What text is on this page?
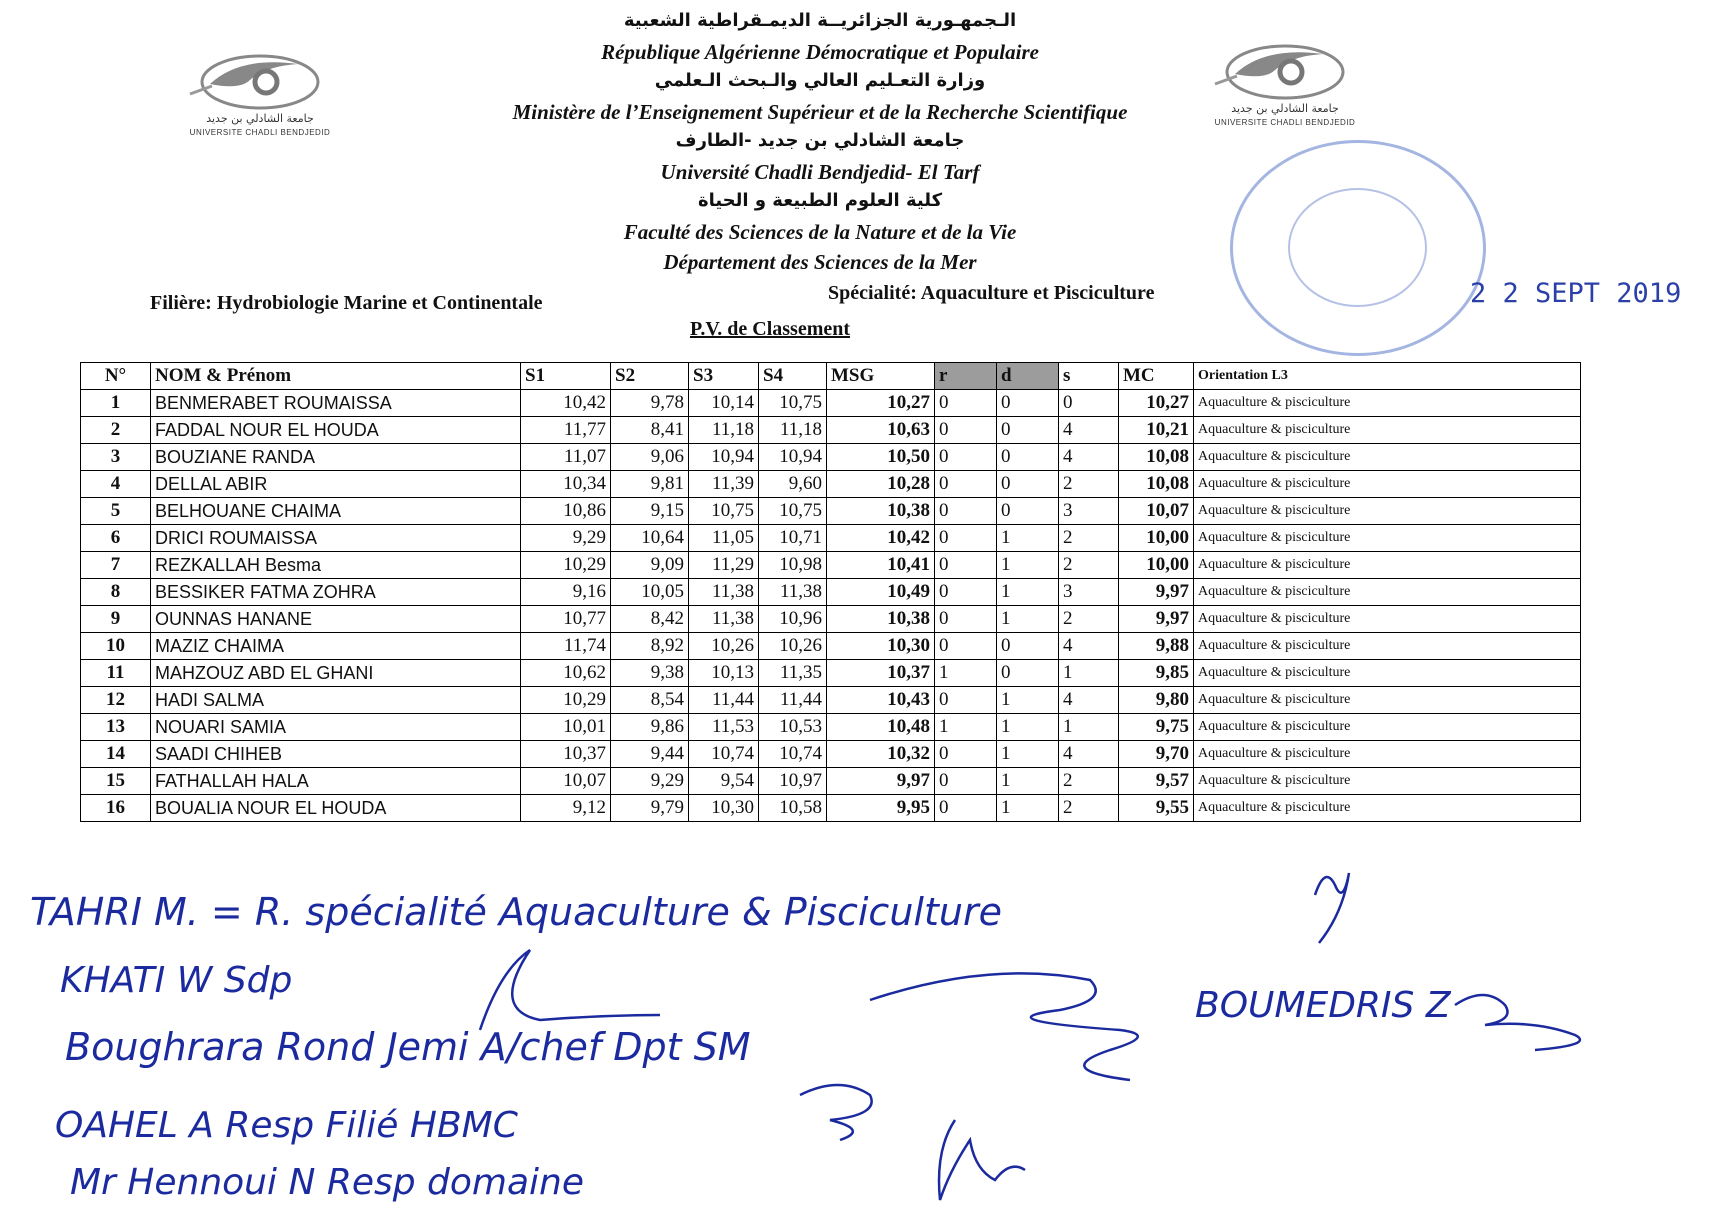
جامعة الشادلي بن جديد
UNIVERSITE CHADLI BENDJEDID
جامعة الشادلي بن جديد
UNIVERSITE CHADLI BENDJEDID
الـجمهـورية الجزائريــة الديمـقراطية الشعبية
République Algérienne Démocratique et Populaire
وزارة التعـليم العالي والـبحث الـعلمي
Ministère de l’Enseignement Supérieur et de la Recherche Scientifique
جامعة الشادلي بن جديد -الطارف
Université Chadli Bendjedid- El Tarf
كلية العلوم الطبيعة و الحياة
Faculté des Sciences de la Nature et de la Vie
Département des Sciences de la Mer
Filière: Hydrobiologie Marine et Continentale	Spécialité: Aquaculture et Pisciculture
P.V. de Classement
2 2 SEPT 2019
N°	NOM & Prénom	S1	S2	S3	S4	MSG	r	d	s	MC	Orientation L3
1	BENMERABET ROUMAISSA	10,42	9,78	10,14	10,75	10,27	0	0	0	10,27	Aquaculture & pisciculture
2	FADDAL NOUR EL HOUDA	11,77	8,41	11,18	11,18	10,63	0	0	4	10,21	Aquaculture & pisciculture
3	BOUZIANE RANDA	11,07	9,06	10,94	10,94	10,50	0	0	4	10,08	Aquaculture & pisciculture
4	DELLAL ABIR	10,34	9,81	11,39	9,60	10,28	0	0	2	10,08	Aquaculture & pisciculture
5	BELHOUANE CHAIMA	10,86	9,15	10,75	10,75	10,38	0	0	3	10,07	Aquaculture & pisciculture
6	DRICI ROUMAISSA	9,29	10,64	11,05	10,71	10,42	0	1	2	10,00	Aquaculture & pisciculture
7	REZKALLAH Besma	10,29	9,09	11,29	10,98	10,41	0	1	2	10,00	Aquaculture & pisciculture
8	BESSIKER FATMA ZOHRA	9,16	10,05	11,38	11,38	10,49	0	1	3	9,97	Aquaculture & pisciculture
9	OUNNAS HANANE	10,77	8,42	11,38	10,96	10,38	0	1	2	9,97	Aquaculture & pisciculture
10	MAZIZ CHAIMA	11,74	8,92	10,26	10,26	10,30	0	0	4	9,88	Aquaculture & pisciculture
11	MAHZOUZ ABD EL GHANI	10,62	9,38	10,13	11,35	10,37	1	0	1	9,85	Aquaculture & pisciculture
12	HADI SALMA	10,29	8,54	11,44	11,44	10,43	0	1	4	9,80	Aquaculture & pisciculture
13	NOUARI SAMIA	10,01	9,86	11,53	10,53	10,48	1	1	1	9,75	Aquaculture & pisciculture
14	SAADI CHIHEB	10,37	9,44	10,74	10,74	10,32	0	1	4	9,70	Aquaculture & pisciculture
15	FATHALLAH HALA	10,07	9,29	9,54	10,97	9,97	0	1	2	9,57	Aquaculture & pisciculture
16	BOUALIA NOUR EL HOUDA	9,12	9,79	10,30	10,58	9,95	0	1	2	9,55	Aquaculture & pisciculture
TAHRI M. = R. spécialité Aquaculture & Pisciculture
KHATI W Sdp
Boughrara Rond Jemi A/chef Dpt SM
BOUMEDRIS Z
OAHEL A Resp Filié HBMC
Mr Hennoui N Resp domaine
